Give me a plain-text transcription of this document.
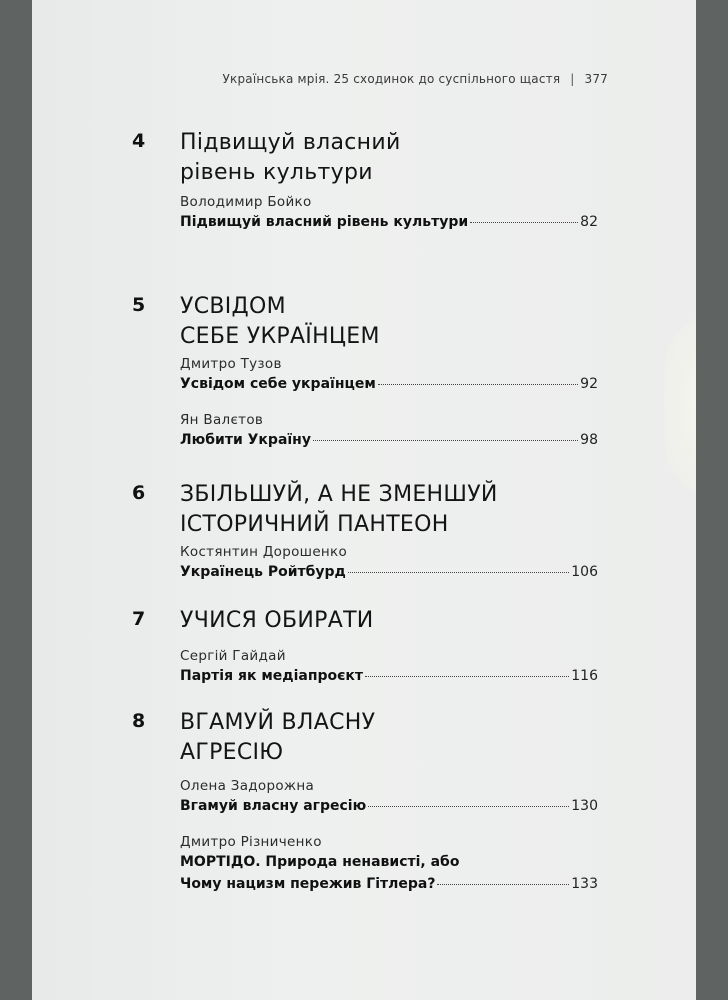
Українська мрія. 25 сходинок до суспільного щастя | 377
4 Підвищуй власний
рівень культури
Володимир Бойко
Підвищуй власний рівень культури	82
5 УСВІДОМ
СЕБЕ УКРАЇНЦЕМ
Дмитро Тузов
Усвідом себе українцем	92
Ян Валєтов
Любити Україну	98
6 ЗБІЛЬШУЙ, А НЕ ЗМЕНШУЙ
ІСТОРИЧНИЙ ПАНТЕОН
Костянтин Дорошенко
Українець Ройтбурд	106
7 УЧИСЯ ОБИРАТИ
Сергій Гайдай
Партія як медіапроєкт	116
8 ВГАМУЙ ВЛАСНУ
АГРЕСІЮ
Олена Задорожна
Вгамуй власну агресію	130
Дмитро Різниченко
МОРТІДО. Природа ненависті, або
Чому нацизм пережив Гітлера?	133
